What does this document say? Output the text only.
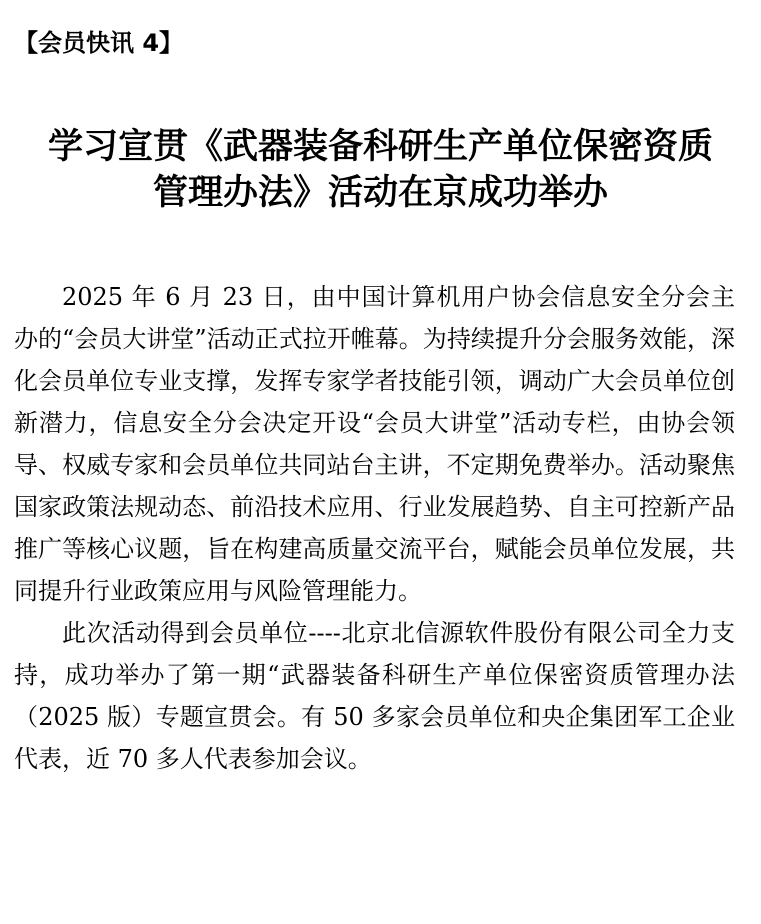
【会员快讯 4】
学习宣贯《武器装备科研生产单位保密资质
管理办法》活动在京成功举办

2025 年 6 月 23 日，由中国计算机用户协会信息安全分会主办的“会员大讲堂”活动正式拉开帷幕。为持续提升分会服务效能，深化会员单位专业支撑，发挥专家学者技能引领，调动广大会员单位创新潜力，信息安全分会决定开设“会员大讲堂”活动专栏，由协会领导、权威专家和会员单位共同站台主讲，不定期免费举办。活动聚焦国家政策法规动态、前沿技术应用、行业发展趋势、自主可控新产品推广等核心议题，旨在构建高质量交流平台，赋能会员单位发展，共同提升行业政策应用与风险管理能力。

此次活动得到会员单位----北京北信源软件股份有限公司全力支持，成功举办了第一期“武器装备科研生产单位保密资质管理办法（2025 版）专题宣贯会。有 50 多家会员单位和央企集团军工企业代表，近 70 多人代表参加会议。
